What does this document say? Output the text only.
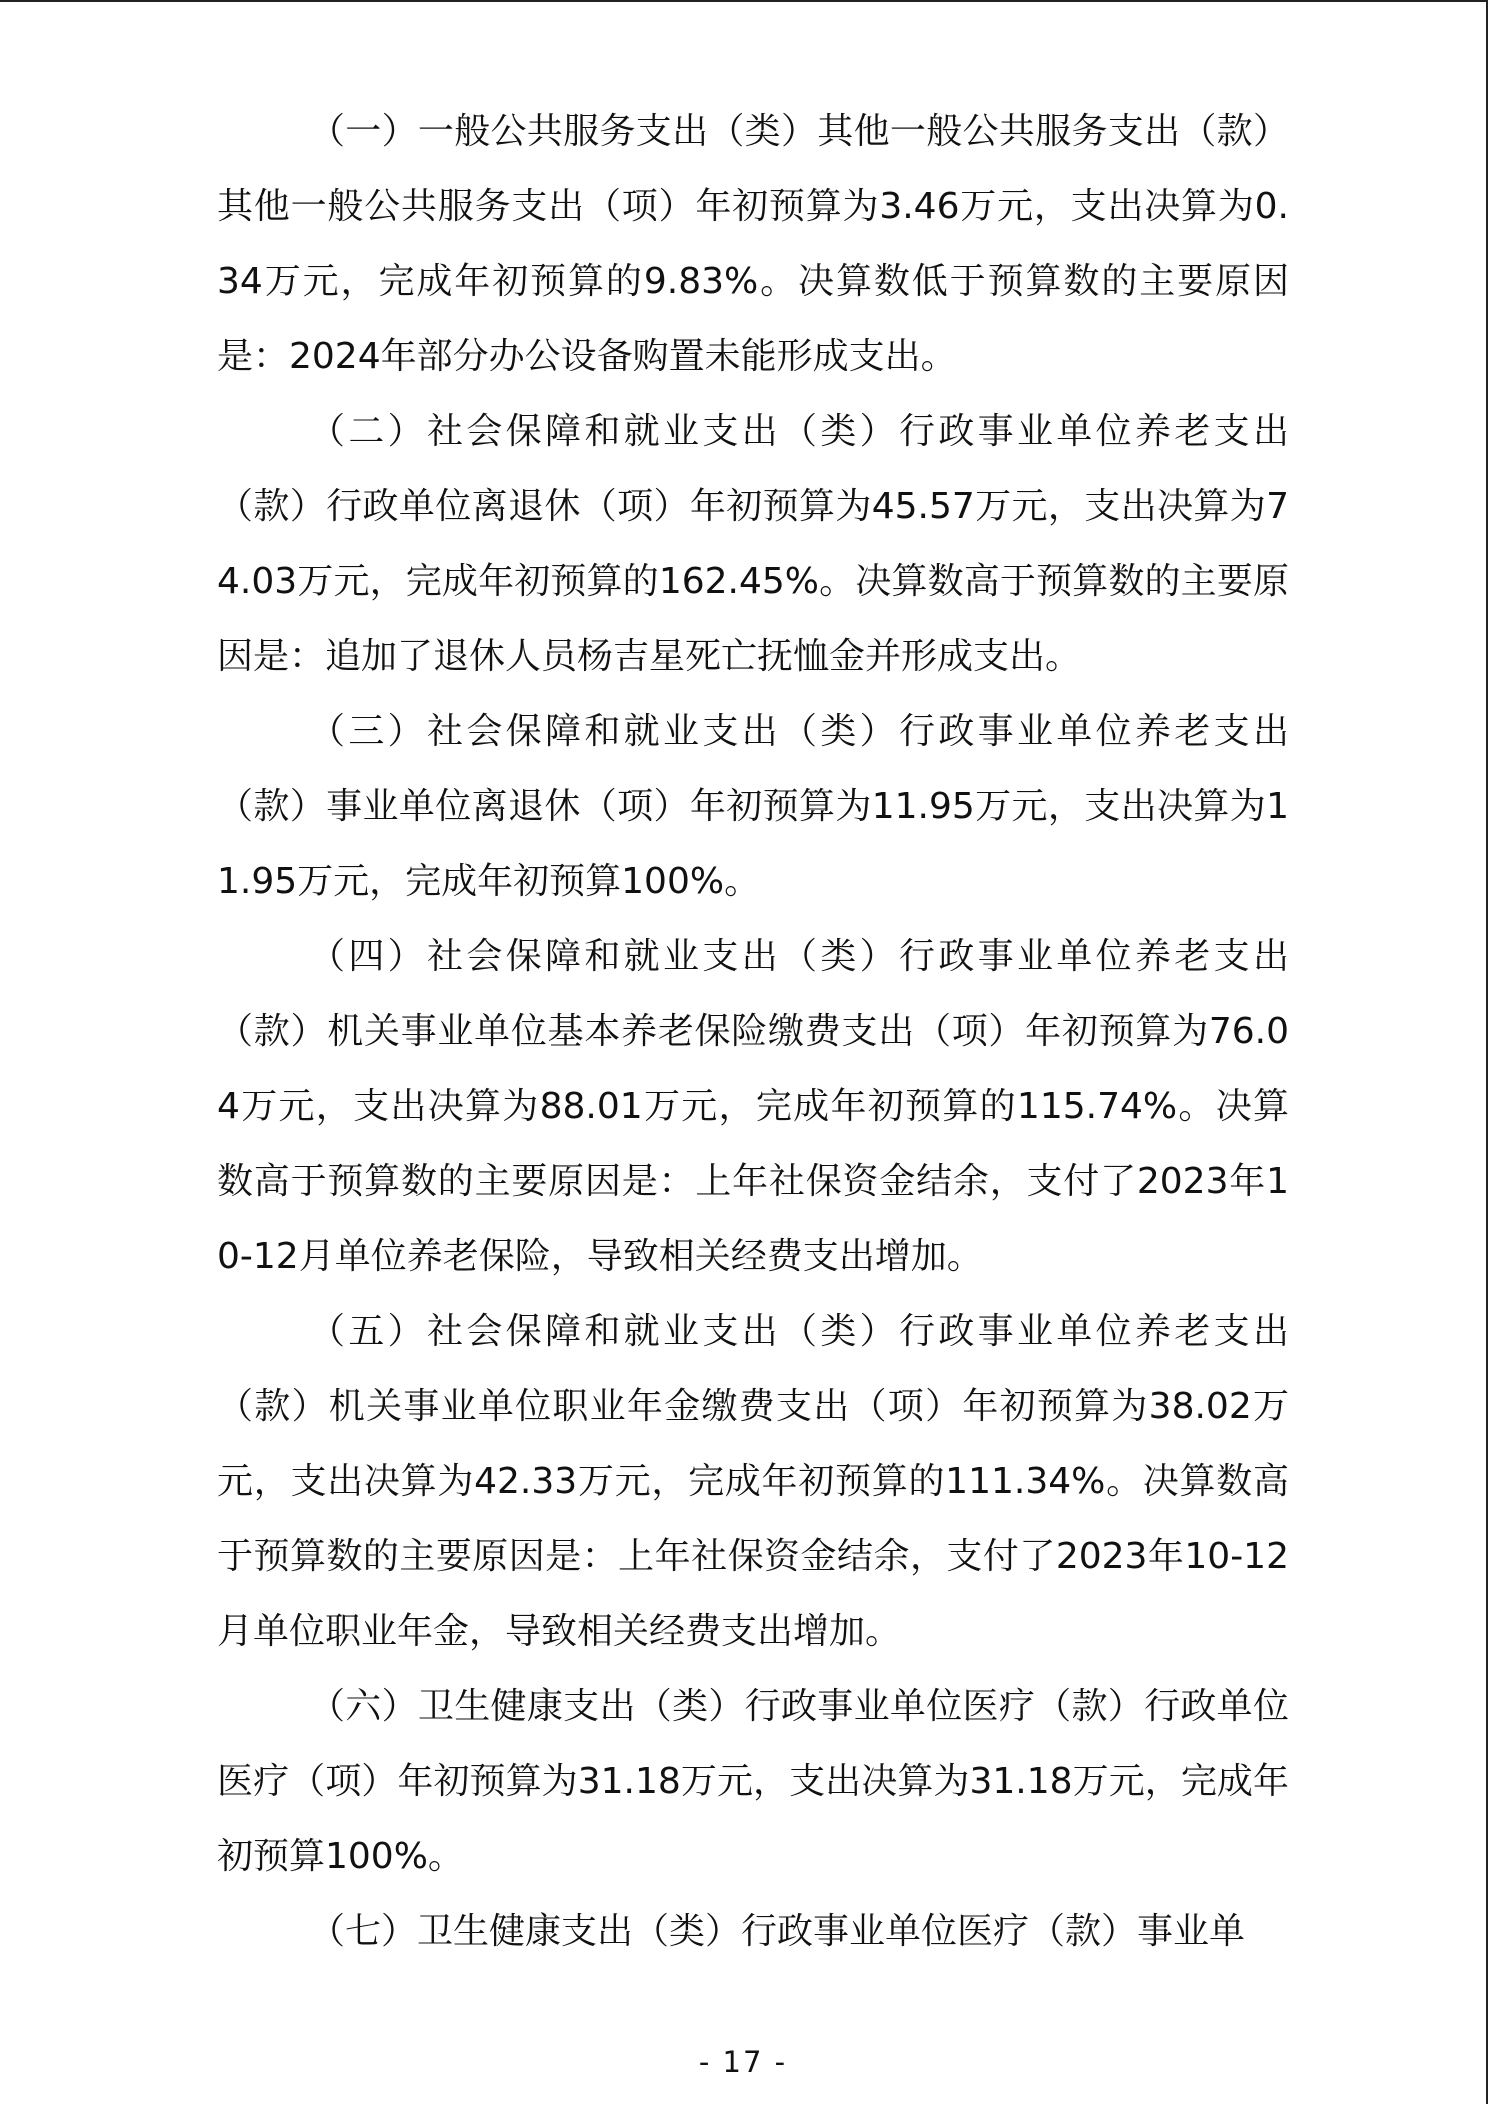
（一）一般公共服务支出（类）其他一般公共服务支出（款）其他一般公共服务支出（项）年初预算为3.46万元，支出决算为0.34万元，完成年初预算的9.83%。决算数低于预算数的主要原因是：2024年部分办公设备购置未能形成支出。

（二）社会保障和就业支出（类）行政事业单位养老支出（款）行政单位离退休（项）年初预算为45.57万元，支出决算为74.03万元，完成年初预算的162.45%。决算数高于预算数的主要原因是：追加了退休人员杨吉星死亡抚恤金并形成支出。

（三）社会保障和就业支出（类）行政事业单位养老支出（款）事业单位离退休（项）年初预算为11.95万元，支出决算为11.95万元，完成年初预算100%。

（四）社会保障和就业支出（类）行政事业单位养老支出（款）机关事业单位基本养老保险缴费支出（项）年初预算为76.04万元，支出决算为88.01万元，完成年初预算的115.74%。决算数高于预算数的主要原因是：上年社保资金结余，支付了2023年10-12月单位养老保险，导致相关经费支出增加。

（五）社会保障和就业支出（类）行政事业单位养老支出（款）机关事业单位职业年金缴费支出（项）年初预算为38.02万元，支出决算为42.33万元，完成年初预算的111.34%。决算数高于预算数的主要原因是：上年社保资金结余，支付了2023年10-12月单位职业年金，导致相关经费支出增加。

（六）卫生健康支出（类）行政事业单位医疗（款）行政单位医疗（项）年初预算为31.18万元，支出决算为31.18万元，完成年初预算100%。

（七）卫生健康支出（类）行政事业单位医疗（款）事业单

- 17 -
